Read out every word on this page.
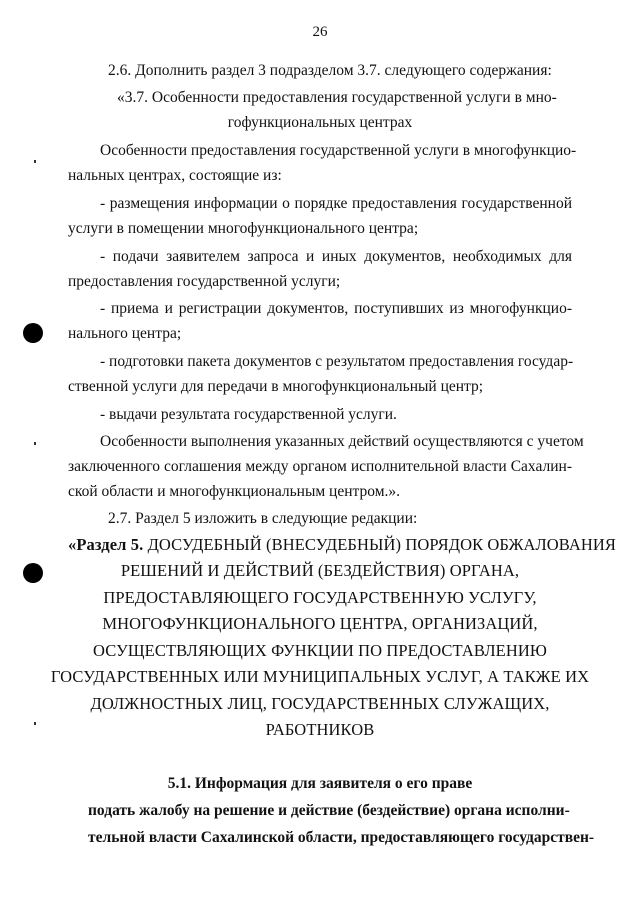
26
2.6. Дополнить раздел 3 подразделом 3.7. следующего содержания:
«3.7. Особенности предоставления государственной услуги в мно-
гофункциональных центрах
Особенности предоставления государственной услуги в многофункцио-
нальных центрах, состоящие из:
- размещения информации о порядке предоставления государственной
услуги в помещении многофункционального центра;
- подачи заявителем запроса и иных документов, необходимых для
предоставления государственной услуги;
- приема и регистрации документов, поступивших из многофункцио-
нального центра;
- подготовки пакета документов с результатом предоставления государ-
ственной услуги для передачи в многофункциональный центр;
- выдачи результата государственной услуги.
Особенности выполнения указанных действий осуществляются с учетом
заключенного соглашения между органом исполнительной власти Сахалин-
ской области и многофункциональным центром.».
2.7. Раздел 5 изложить в следующие редакции:
«Раздел 5. ДОСУДЕБНЫЙ (ВНЕСУДЕБНЫЙ) ПОРЯДОК ОБЖАЛОВАНИЯ
РЕШЕНИЙ И ДЕЙСТВИЙ (БЕЗДЕЙСТВИЯ) ОРГАНА,
ПРЕДОСТАВЛЯЮЩЕГО ГОСУДАРСТВЕННУЮ УСЛУГУ,
МНОГОФУНКЦИОНАЛЬНОГО ЦЕНТРА, ОРГАНИЗАЦИЙ,
ОСУЩЕСТВЛЯЮЩИХ ФУНКЦИИ ПО ПРЕДОСТАВЛЕНИЮ
ГОСУДАРСТВЕННЫХ ИЛИ МУНИЦИПАЛЬНЫХ УСЛУГ, А ТАКЖЕ ИХ
ДОЛЖНОСТНЫХ ЛИЦ, ГОСУДАРСТВЕННЫХ СЛУЖАЩИХ,
РАБОТНИКОВ
5.1. Информация для заявителя о его праве
подать жалобу на решение и действие (бездействие) органа исполни-
тельной власти Сахалинской области, предоставляющего государствен-
